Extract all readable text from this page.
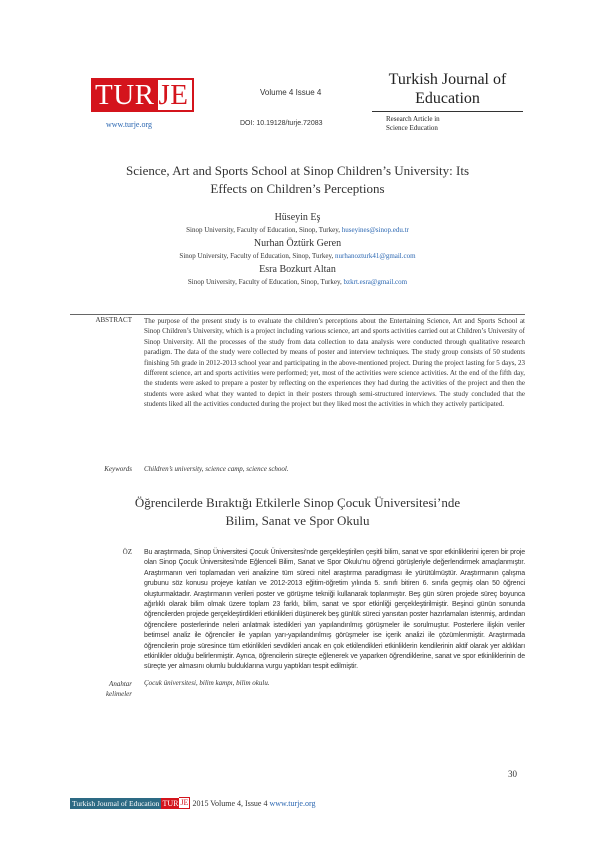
TUR JE
www.turje.org
Volume 4 Issue 4
DOI: 10.19128/turje.72083
Turkish Journal of Education
Research Article in
Science Education
Science, Art and Sports School at Sinop Children’s University: Its
Effects on Children’s Perceptions
Hüseyin Eş
Sinop University, Faculty of Education, Sinop, Turkey, huseyines@sinop.edu.tr
Nurhan Öztürk Geren
Sinop University, Faculty of Education, Sinop, Turkey, nurhanozturk41@gmail.com
Esra Bozkurt Altan
Sinop University, Faculty of Education, Sinop, Turkey, bzkrt.esra@gmail.com
ABSTRACT The purpose of the present study is to evaluate the children’s perceptions about the Entertaining Science, Art and Sports School at Sinop Children’s University, which is a project including various science, art and sports activities carried out at Children’s University of Sinop University. All the processes of the study from data collection to data analysis were conducted through qualitative research paradigm. The data of the study were collected by means of poster and interview techniques. The study group consists of 50 students finishing 5th grade in 2012-2013 school year and participating in the above-mentioned project. During the project lasting for 5 days, 23 different science, art and sports activities were performed; yet, most of the activities were science activities. At the end of the fifth day, the students were asked to prepare a poster by reflecting on the experiences they had during the activities of the project and then the students were asked what they wanted to depict in their posters through semi-structured interviews. The study concluded that the students liked all the activities conducted during the project but they liked most the activities in which they actively participated.
Keywords Children’s university, science camp, science school.
Öğrencilerde Bıraktığı Etkilerle Sinop Çocuk Üniversitesi’nde
Bilim, Sanat ve Spor Okulu
ÖZ Bu araştırmada, Sinop Üniversitesi Çocuk Üniversitesi’nde gerçekleştirilen çeşitli bilim, sanat ve spor etkinliklerini içeren bir proje olan Sinop Çocuk Üniversitesi’nde Eğlenceli Bilim, Sanat ve Spor Okulu’nu öğrenci görüşleriyle değerlendirmek amaçlanmıştır. Araştırmanın veri toplamadan veri analizine tüm süreci nitel araştırma paradigması ile yürütülmüştür. Araştırmanın çalışma grubunu söz konusu projeye katılan ve 2012-2013 eğitim-öğretim yılında 5. sınıfı bitiren 6. sınıfa geçmiş olan 50 öğrenci oluşturmaktadır. Araştırmanın verileri poster ve görüşme tekniği kullanarak toplanmıştır. Beş gün süren projede süreç boyunca ağırlıklı olarak bilim olmak üzere toplam 23 farklı, bilim, sanat ve spor etkinliği gerçekleştirilmiştir. Beşinci günün sonunda öğrencilerden projede gerçekleştirdikleri etkinlikleri düşünerek beş günlük süreci yansıtan poster hazırlamaları istenmiş, ardından öğrencilere posterlerinde neleri anlatmak istedikleri yarı yapılandırılmış görüşmeler ile sorulmuştur. Posterlere ilişkin veriler betimsel analiz ile öğrenciler ile yapılan yarı-yapılandırılmış görüşmeler ise içerik analizi ile çözümlenmiştir. Araştırmada öğrencilerin proje süresince tüm etkinlikleri sevdikleri ancak en çok etkilendikleri etkinliklerin kendilerinin aktif olarak yer aldıkları etkinlikler olduğu belirlenmiştir. Ayrıca, öğrencilerin süreçte eğlenerek ve yaparken öğrendiklerine, sanat ve spor etkinliklerinin de süreçte yer almasını olumlu bulduklarına vurgu yaptıkları tespit edilmiştir.
Anahtar
kelimeler
Çocuk üniversitesi, bilim kampı, bilim okulu.
30
Turkish Journal of Education TUR JE 2015 Volume 4, Issue 4 www.turje.org
